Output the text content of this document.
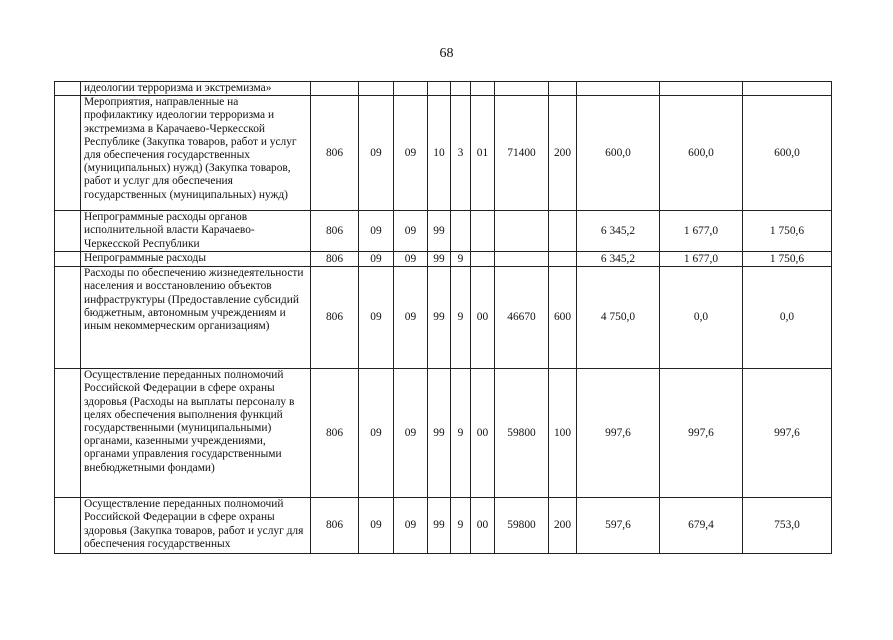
68
	идеологии терроризма и экстремизма»											
	Мероприятия, направленные на профилактику идеологии терроризма и экстремизма в Карачаево-Черкесской Республике (Закупка товаров, работ и услуг для обеспечения государственных (муниципальных) нужд) (Закупка товаров, работ и услуг для обеспечения государственных (муниципальных) нужд)	806	09	09	10	3	01	71400	200	600,0	600,0	600,0
	Непрограммные расходы органов исполнительной власти Карачаево-Черкесской Республики	806	09	09	99					6 345,2	1 677,0	1 750,6
	Непрограммные расходы	806	09	09	99	9				6 345,2	1 677,0	1 750,6
	Расходы по обеспечению жизнедеятельности населения и восстановлению объектов инфраструктуры (Предоставление субсидий бюджетным, автономным учреждениям и иным некоммерческим организациям)	806	09	09	99	9	00	46670	600	4 750,0	0,0	0,0
	Осуществление переданных полномочий Российской Федерации в сфере охраны здоровья (Расходы на выплаты персоналу в целях обеспечения выполнения функций государственными (муниципальными) органами, казенными учреждениями, органами управления государственными внебюджетными фондами)	806	09	09	99	9	00	59800	100	997,6	997,6	997,6
	Осуществление переданных полномочий Российской Федерации в сфере охраны здоровья (Закупка товаров, работ и услуг для обеспечения государственных	806	09	09	99	9	00	59800	200	597,6	679,4	753,0
